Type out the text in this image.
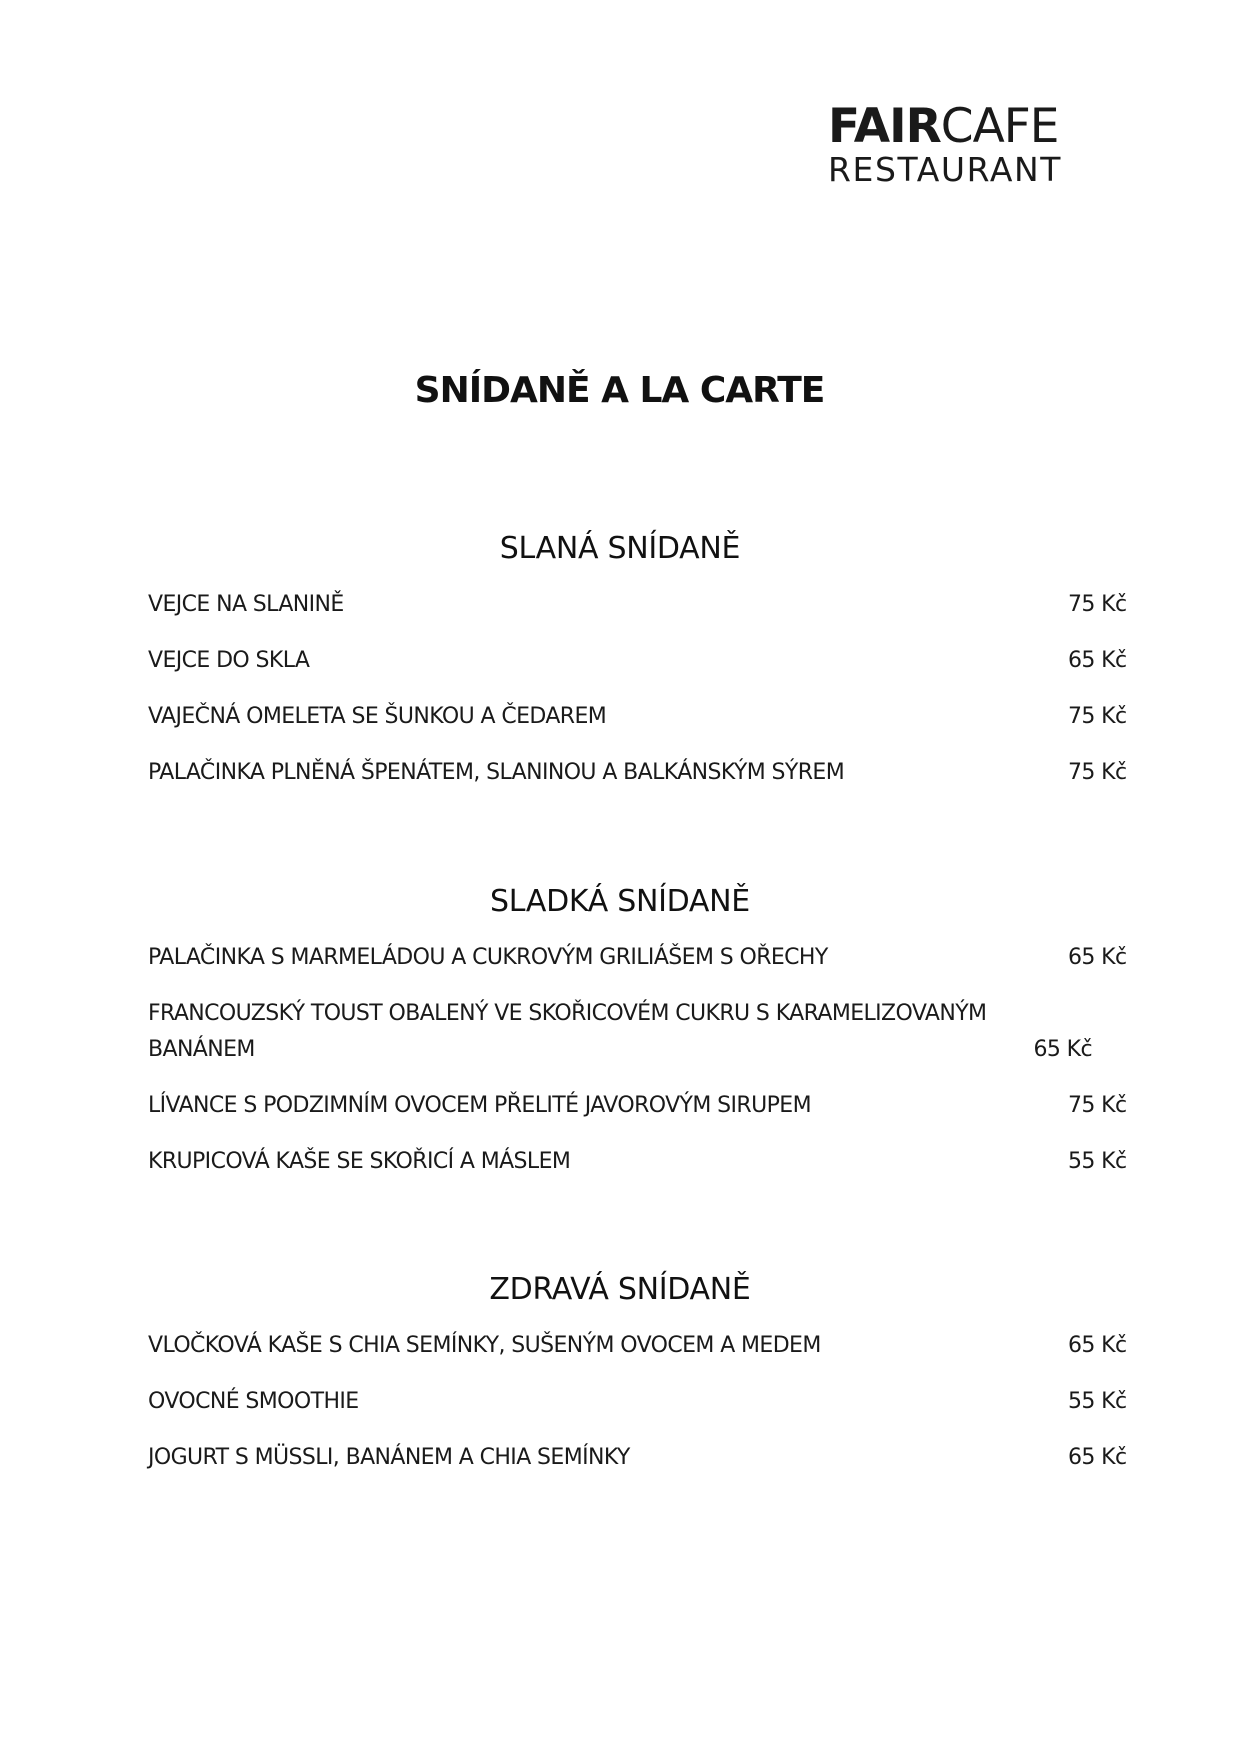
FAIRCAFE
RESTAURANT
SNÍDANĚ A LA CARTE
SLANÁ SNÍDANĚ
VEJCE NA SLANINĚ	75 Kč
VEJCE DO SKLA	65 Kč
VAJEČNÁ OMELETA SE ŠUNKOU A ČEDAREM	75 Kč
PALAČINKA PLNĚNÁ ŠPENÁTEM, SLANINOU A BALKÁNSKÝM SÝREM	75 Kč
SLADKÁ SNÍDANĚ
PALAČINKA S MARMELÁDOU A CUKROVÝM GRILIÁŠEM S OŘECHY	65 Kč
FRANCOUZSKÝ TOUST OBALENÝ VE SKOŘICOVÉM CUKRU S KARAMELIZOVANÝM BANÁNEM	65 Kč
LÍVANCE S PODZIMNÍM OVOCEM PŘELITÉ JAVOROVÝM SIRUPEM	75 Kč
KRUPICOVÁ KAŠE SE SKOŘICÍ A MÁSLEM	55 Kč
ZDRAVÁ SNÍDANĚ
VLOČKOVÁ KAŠE S CHIA SEMÍNKY, SUŠENÝM OVOCEM A MEDEM	65 Kč
OVOCNÉ SMOOTHIE	55 Kč
JOGURT S MÜSSLI, BANÁNEM A CHIA SEMÍNKY	65 Kč
